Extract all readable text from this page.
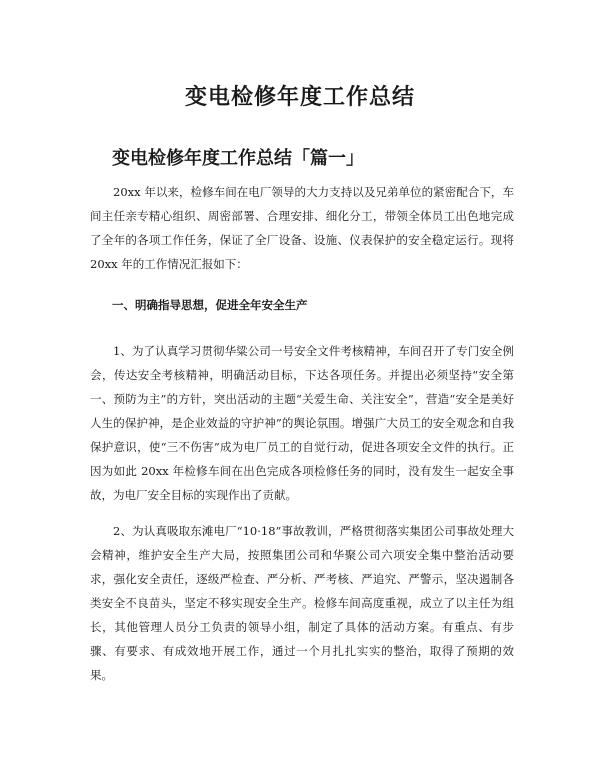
变电检修年度工作总结
变电检修年度工作总结「篇一」

20xx 年以来，检修车间在电厂领导的大力支持以及兄弟单位的紧密配合下，车间主任亲专精心组织、周密部署、合理安排、细化分工，带领全体员工出色地完成了全年的各项工作任务，保证了全厂设备、设施、仪表保护的安全稳定运行。现将 20xx 年的工作情况汇报如下：

一、明确指导思想，促进全年安全生产

1、为了认真学习贯彻华粱公司一号安全文件考核精神，车间召开了专门安全例会，传达安全考核精神，明确活动目标，下达各项任务。并提出必须坚持“安全第一、预防为主”的方针，突出活动的主题“关爱生命、关注安全”，营造“安全是美好人生的保护神，是企业效益的守护神”的舆论氛围。增强广大员工的安全观念和自我保护意识，使“三不伤害”成为电厂员工的自觉行动，促进各项安全文件的执行。正因为如此 20xx 年检修车间在出色完成各项检修任务的同时，没有发生一起安全事故，为电厂安全目标的实现作出了贡献。

2、为认真吸取东滩电厂“10·18”事故教训，严格贯彻落实集团公司事故处理大会精神，维护安全生产大局，按照集团公司和华聚公司六项安全集中整治活动要求，强化安全责任，逐级严检查、严分析、严考核、严追究、严警示，坚决遏制各类安全不良苗头，坚定不移实现安全生产。检修车间高度重视，成立了以主任为组长，其他管理人员分工负责的领导小组，制定了具体的活动方案。有重点、有步骤、有要求、有成效地开展工作，通过一个月扎扎实实的整治，取得了预期的效果。
